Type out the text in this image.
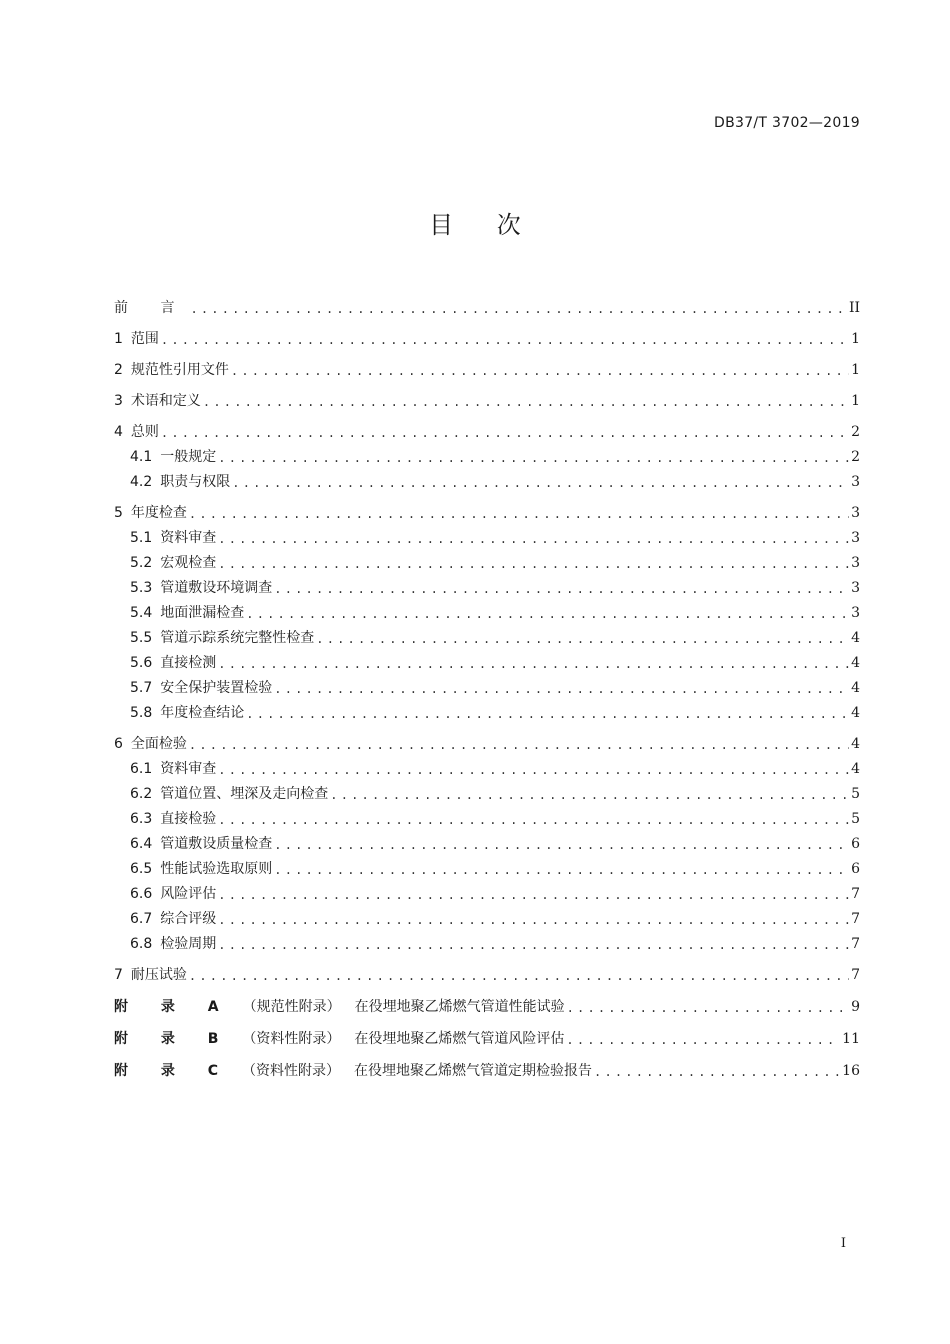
DB37/T 3702—2019
目 次
前 言 .....	II
1 范围 .....	1
2 规范性引用文件 .....	1
3 术语和定义 .....	1
4 总则 .....	2
4.1 一般规定 .....	2
4.2 职责与权限 .....	3
5 年度检查 .....	3
5.1 资料审查 .....	3
5.2 宏观检查 .....	3
5.3 管道敷设环境调查 .....	3
5.4 地面泄漏检查 .....	3
5.5 管道示踪系统完整性检查 .....	4
5.6 直接检测 .....	4
5.7 安全保护装置检验 .....	4
5.8 年度检查结论 .....	4
6 全面检验 .....	4
6.1 资料审查 .....	4
6.2 管道位置、埋深及走向检查 .....	5
6.3 直接检验 .....	5
6.4 管道敷设质量检查 .....	6
6.5 性能试验选取原则 .....	6
6.6 风险评估 .....	7
6.7 综合评级 .....	7
6.8 检验周期 .....	7
7 耐压试验 .....	7
附 录 A （规范性附录） 在役埋地聚乙烯燃气管道性能试验 .....	9
附 录 B （资料性附录） 在役埋地聚乙烯燃气管道风险评估 .....	11
附 录 C （资料性附录） 在役埋地聚乙烯燃气管道定期检验报告 .....	16
I
